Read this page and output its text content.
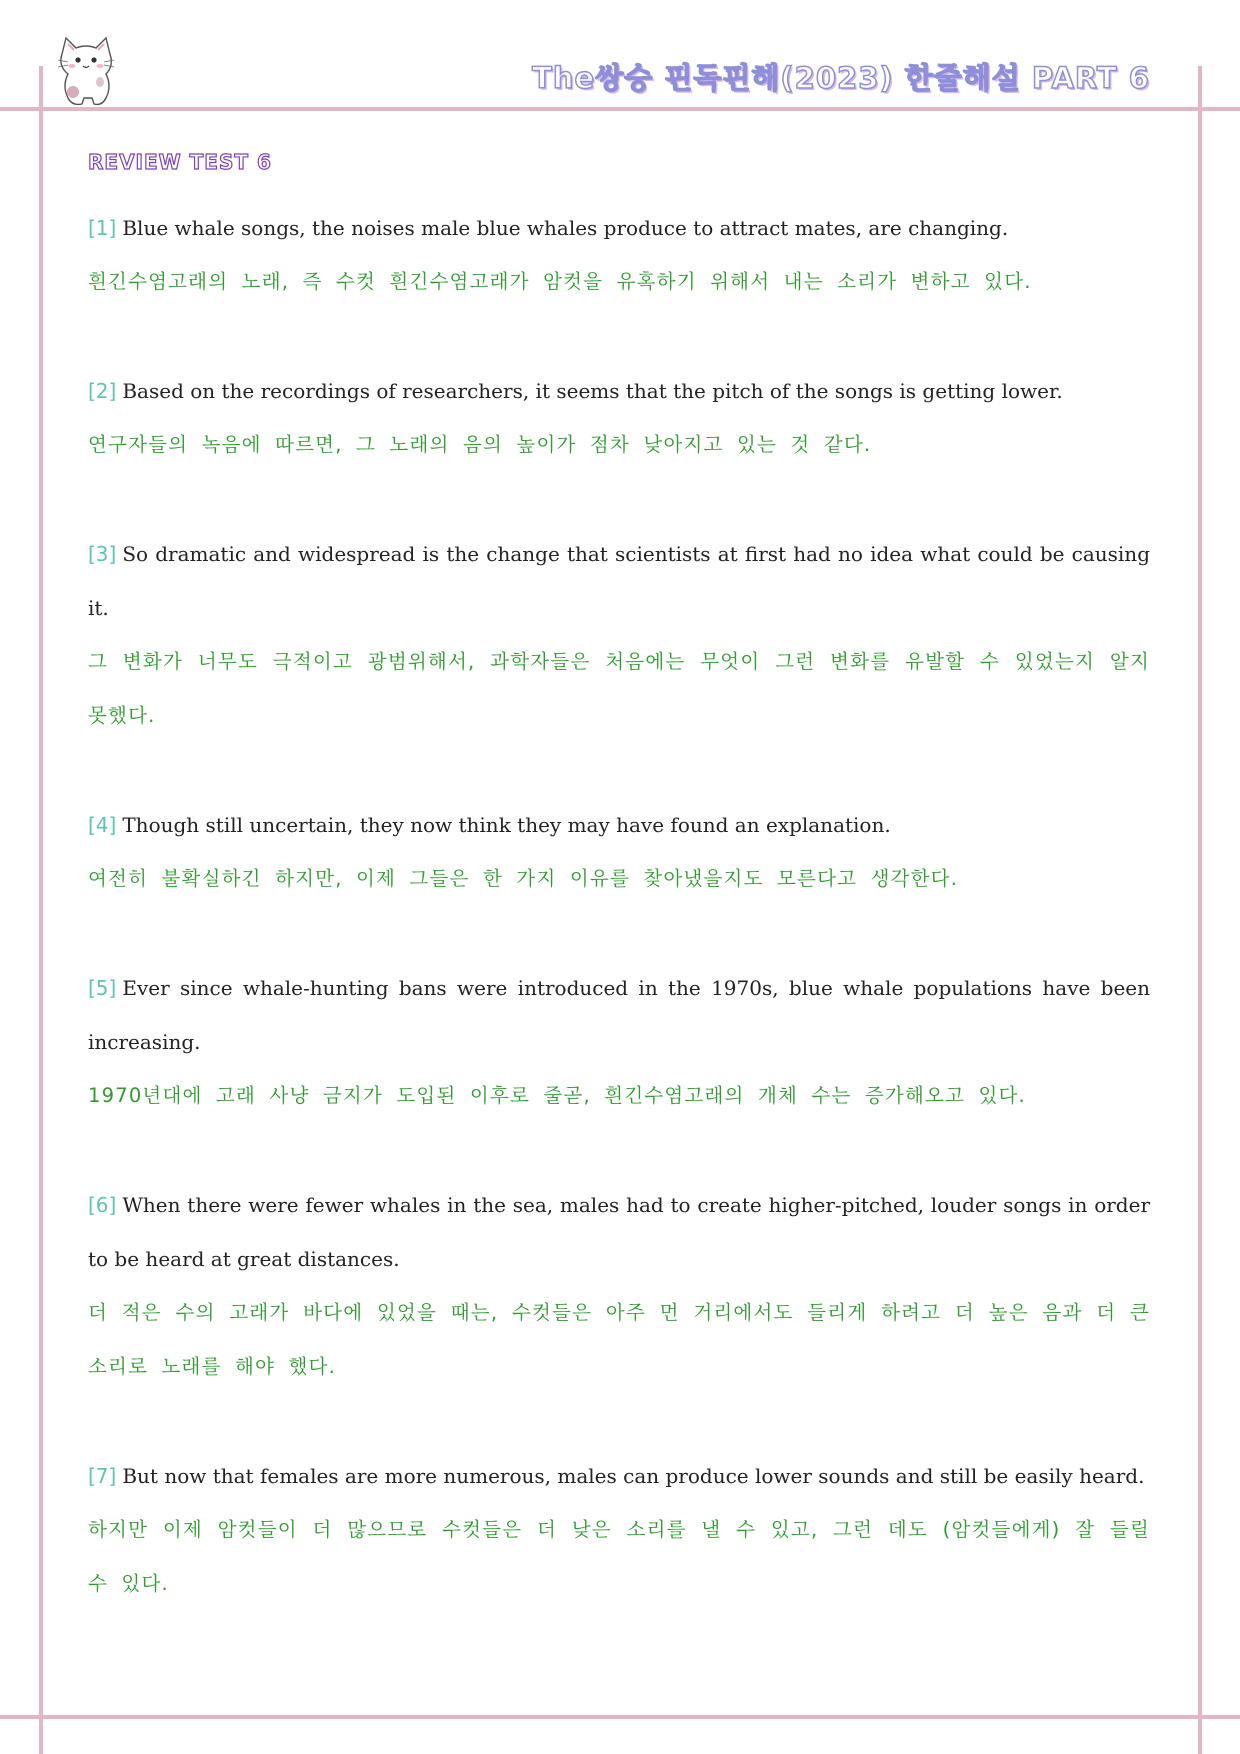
The쌍승 핀독핀해(2023) 한줄해설 PART 6
REVIEW TEST 6
[1] Blue whale songs, the noises male blue whales produce to attract mates, are changing.
흰긴수염고래의 노래, 즉 수컷 흰긴수염고래가 암컷을 유혹하기 위해서 내는 소리가 변하고 있다.
[2] Based on the recordings of researchers, it seems that the pitch of the songs is getting lower.
연구자들의 녹음에 따르면, 그 노래의 음의 높이가 점차 낮아지고 있는 것 같다.
[3] So dramatic and widespread is the change that scientists at first had no idea what could be causing it.
그 변화가 너무도 극적이고 광범위해서, 과학자들은 처음에는 무엇이 그런 변화를 유발할 수 있었는지 알지 못했다.
[4] Though still uncertain, they now think they may have found an explanation.
여전히 불확실하긴 하지만, 이제 그들은 한 가지 이유를 찾아냈을지도 모른다고 생각한다.
[5] Ever since whale-hunting bans were introduced in the 1970s, blue whale populations have been increasing.
1970년대에 고래 사냥 금지가 도입된 이후로 줄곧, 흰긴수염고래의 개체 수는 증가해오고 있다.
[6] When there were fewer whales in the sea, males had to create higher-pitched, louder songs in order to be heard at great distances.
더 적은 수의 고래가 바다에 있었을 때는, 수컷들은 아주 먼 거리에서도 들리게 하려고 더 높은 음과 더 큰 소리로 노래를 해야 했다.
[7] But now that females are more numerous, males can produce lower sounds and still be easily heard.
하지만 이제 암컷들이 더 많으므로 수컷들은 더 낮은 소리를 낼 수 있고, 그런 데도 (암컷들에게) 잘 들릴 수 있다.
